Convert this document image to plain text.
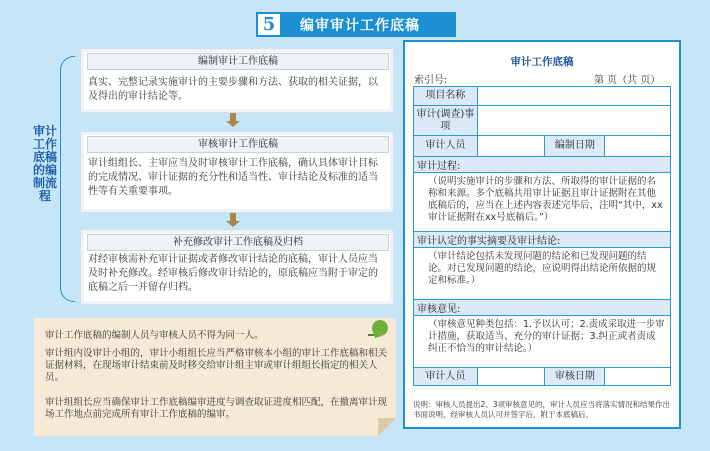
5	编审审计工作底稿
审计工作底稿的编制流程
编制审计工作底稿
真实、完整记录实施审计的主要步骤和方法、获取的相关证据，以及得出的审计结论等。
审核审计工作底稿
审计组组长、主审应当及时审核审计工作底稿，确认具体审计目标的完成情况、审计证据的充分性和适当性、审计结论及标准的适当性等有关重要事项。
补充修改审计工作底稿及归档
对经审核需补充审计证据或者修改审计结论的底稿，审计人员应当及时补充修改。经审核后修改审计结论的，原底稿应当附于审定的底稿之后一并留存归档。
审计工作底稿的编制人员与审核人员不得为同一人。
审计组内设审计小组的，审计小组组长应当严格审核本小组的审计工作底稿和相关证据材料，在现场审计结束前及时移交给审计组主审或审计组组长指定的相关人员。
审计组组长应当确保审计工作底稿编审进度与调查取证进度相匹配，在撤离审计现场工作地点前完成所有审计工作底稿的编审。
审计工作底稿
索引号:	第 页（共 页）
项目名称			
审计(调查)事项			
审计人员		编制日期	
审计过程:			
（说明实施审计的步骤和方法、所取得的审计证据的名称和来源。多个底稿共用审计证据且审计证据附在其他底稿后的，应当在上述内容表述完毕后，注明“其中，xx审计证据附在xx号底稿后。”）			
审计认定的事实摘要及审计结论:			
（审计结论包括未发现问题的结论和已发现问题的结论。对已发现问题的结论，应说明得出结论所依据的规定和标准。）			
审核意见:			
（审核意见种类包括：1.予以认可；2.责成采取进一步审计措施，获取适当、充分的审计证据；3.纠正或者责成纠正不恰当的审计结论。）			
审计人员		审核日期	
说明：审核人员提出2、3项审核意见的，审计人员应当将落实情况和结果作出书面说明，经审核人员认可并签字后，附于本底稿后。
